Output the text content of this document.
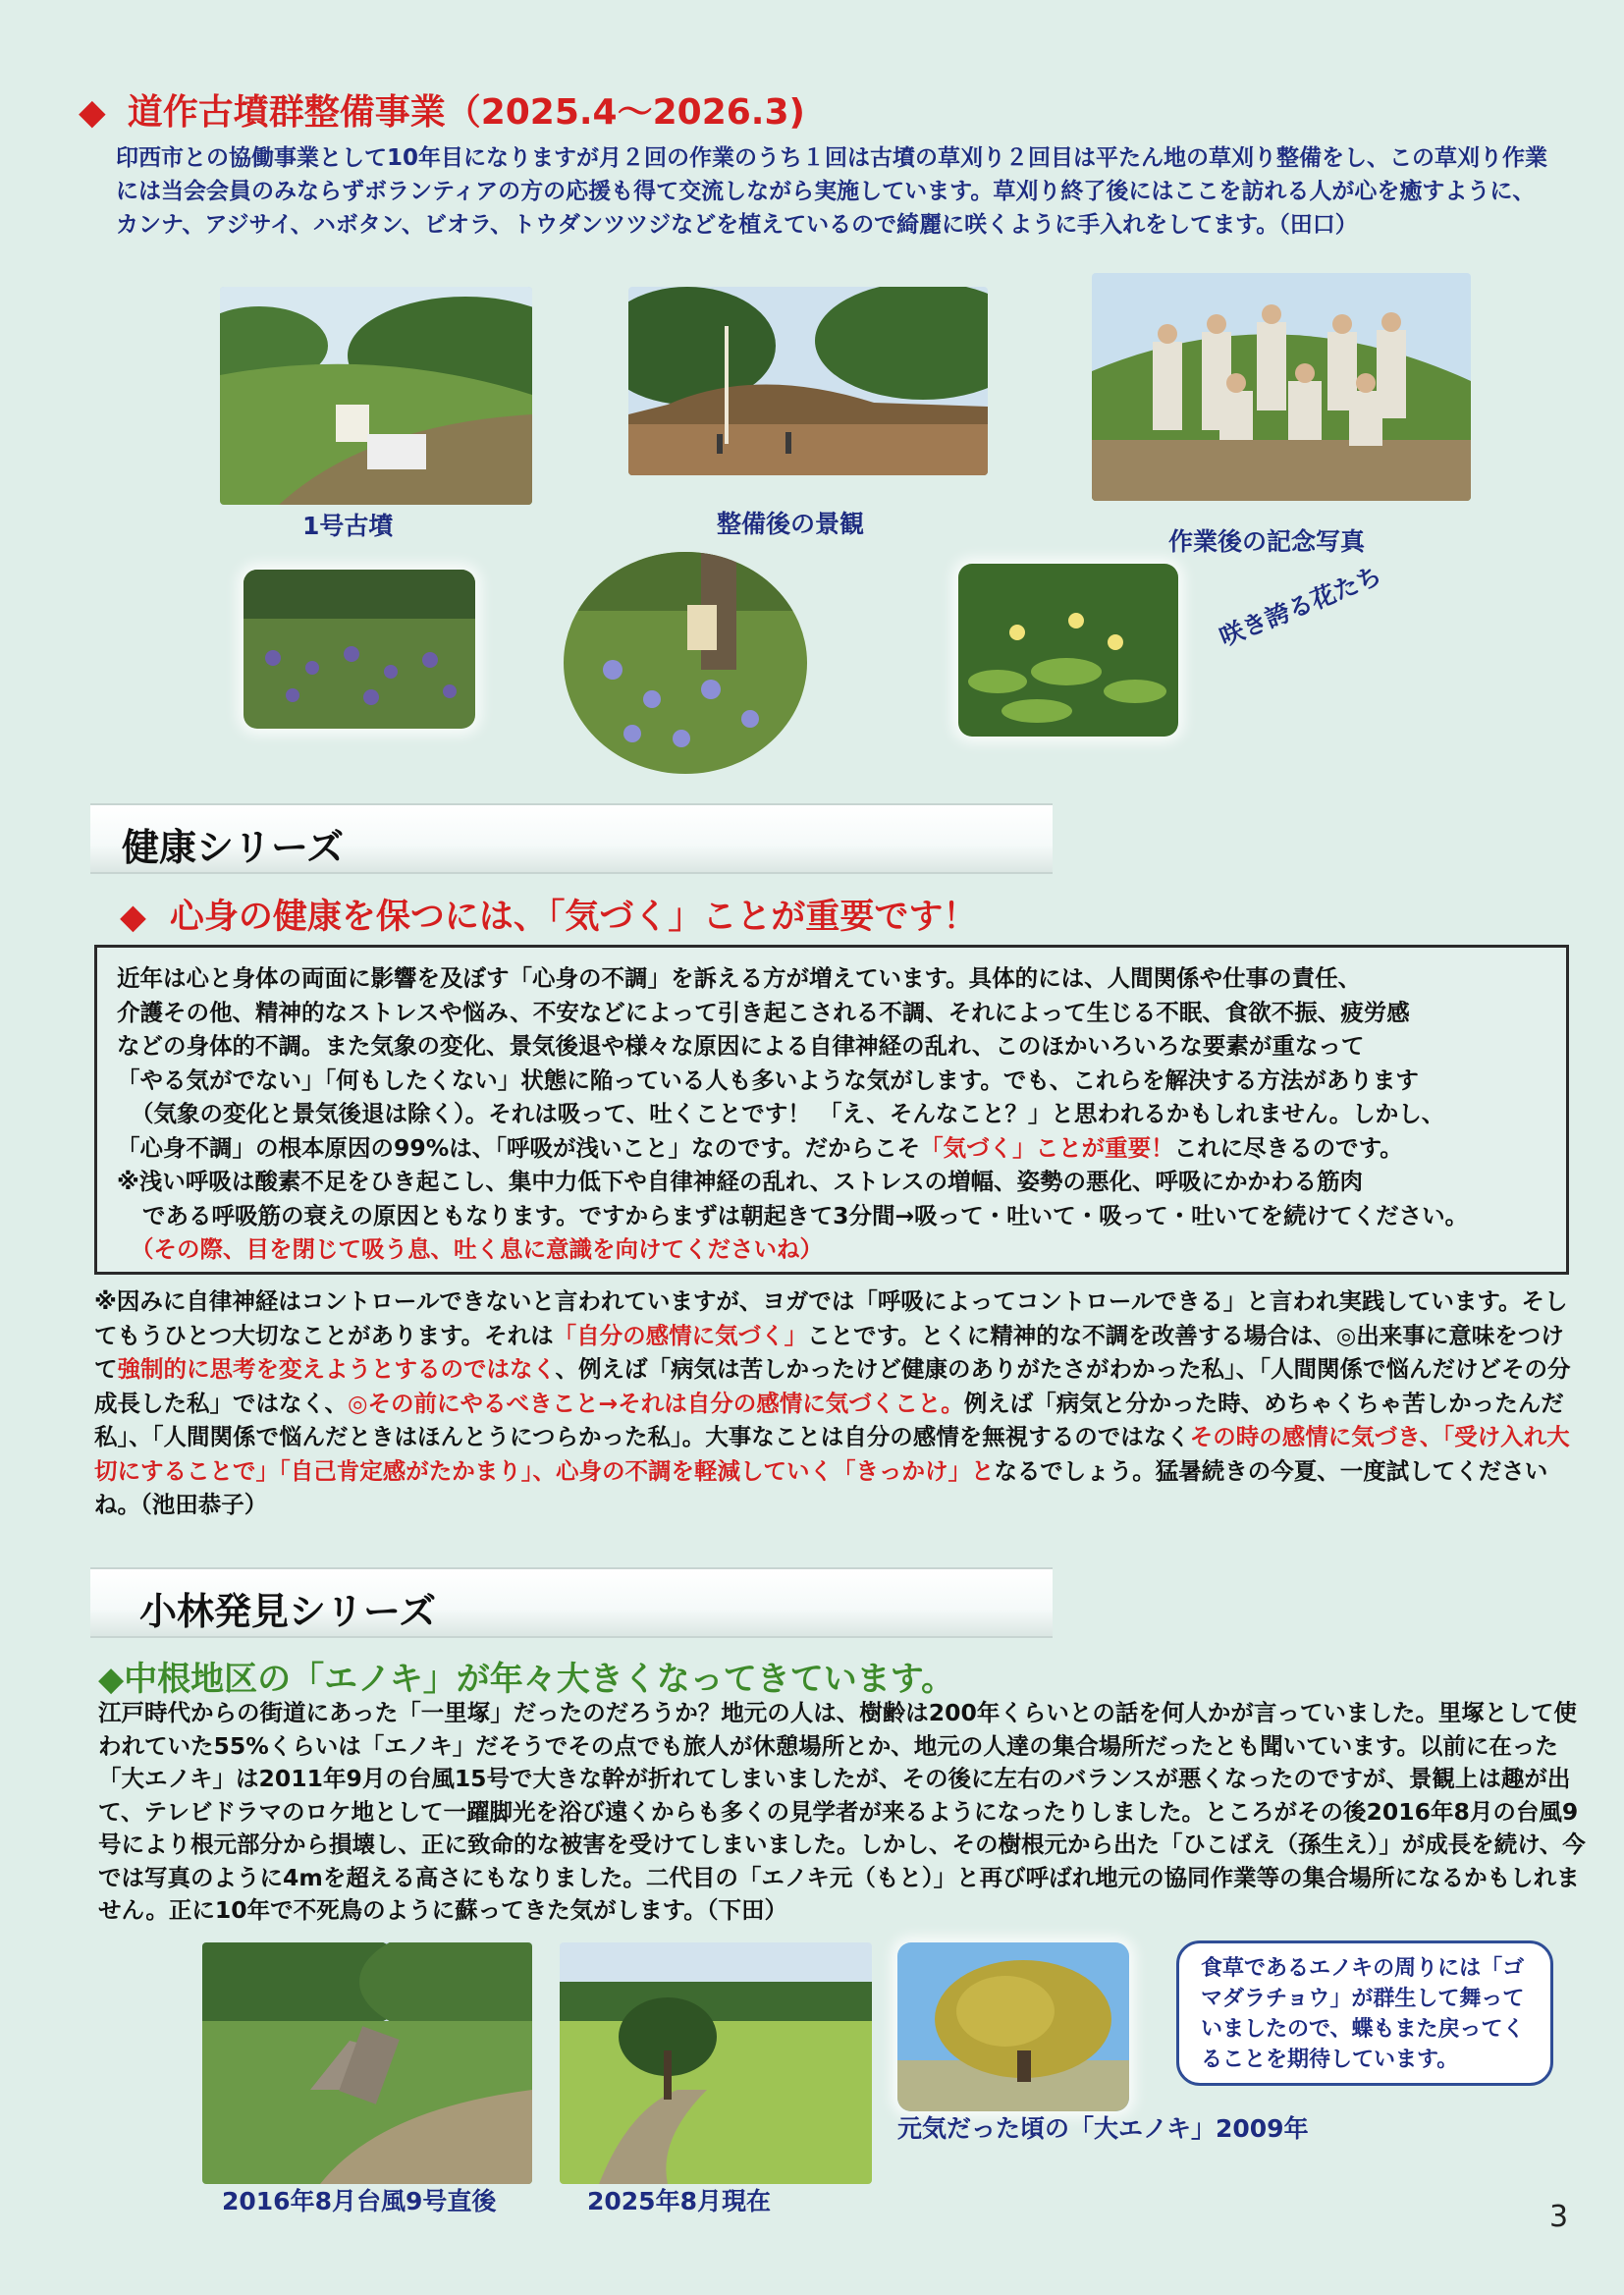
◆ 道作古墳群整備事業（2025.4～2026.3)
印西市との協働事業として10年目になりますが月２回の作業のうち１回は古墳の草刈り２回目は平たん地の草刈り整備をし、この草刈り作業には当会会員のみならずボランティアの方の応援も得て交流しながら実施しています。草刈り終了後にはここを訪れる人が心を癒すように、カンナ、アジサイ、ハボタン、ビオラ、トウダンツツジなどを植えているので綺麗に咲くように手入れをしてます。（田口）
1号古墳	整備後の景観
作業後の記念写真
咲き誇る花たち
健康シリーズ
◆ 心身の健康を保つには、「気づく」ことが重要です！
近年は心と身体の両面に影響を及ぼす「心身の不調」を訴える方が増えています。具体的には、人間関係や仕事の責任、
介護その他、精神的なストレスや悩み、不安などによって引き起こされる不調、それによって生じる不眠、食欲不振、疲労感
などの身体的不調。また気象の変化、景気後退や様々な原因による自律神経の乱れ、このほかいろいろな要素が重なって
「やる気がでない」「何もしたくない」状態に陥っている人も多いような気がします。でも、これらを解決する方法があります
（気象の変化と景気後退は除く）。それは吸って、吐くことです！ 「え、そんなこと？」と思われるかもしれません。しかし、
「心身不調」の根本原因の99%は、「呼吸が浅いこと」なのです。だからこそ「気づく」ことが重要！これに尽きるのです。
※浅い呼吸は酸素不足をひき起こし、集中力低下や自律神経の乱れ、ストレスの増幅、姿勢の悪化、呼吸にかかわる筋肉
である呼吸筋の衰えの原因ともなります。ですからまずは朝起きて3分間→吸って・吐いて・吸って・吐いてを続けてください。
（その際、目を閉じて吸う息、吐く息に意識を向けてくださいね）
※因みに自律神経はコントロールできないと言われていますが、ヨガでは「呼吸によってコントロールできる」と言われ実践しています。そしてもうひとつ大切なことがあります。それは「自分の感情に気づく」ことです。とくに精神的な不調を改善する場合は、◎出来事に意味をつけて強制的に思考を変えようとするのではなく、例えば「病気は苦しかったけど健康のありがたさがわかった私」、「人間関係で悩んだけどその分成長した私」ではなく、◎その前にやるべきこと→それは自分の感情に気づくこと。例えば「病気と分かった時、めちゃくちゃ苦しかったんだ私」、「人間関係で悩んだときはほんとうにつらかった私」。大事なことは自分の感情を無視するのではなくその時の感情に気づき、「受け入れ大切にすることで」「自己肯定感がたかまり」、心身の不調を軽減していく「きっかけ」となるでしょう。猛暑続きの今夏、一度試してくださいね。（池田恭子）
小林発見シリーズ
◆中根地区の「エノキ」が年々大きくなってきています。
江戸時代からの街道にあった「一里塚」だったのだろうか？地元の人は、樹齢は200年くらいとの話を何人かが言っていました。里塚として使われていた55%くらいは「エノキ」だそうでその点でも旅人が休憩場所とか、地元の人達の集合場所だったとも聞いています。以前に在った「大エノキ」は2011年9月の台風15号で大きな幹が折れてしまいましたが、その後に左右のバランスが悪くなったのですが、景観上は趣が出て、テレビドラマのロケ地として一躍脚光を浴び遠くからも多くの見学者が来るようになったりしました。ところがその後2016年8月の台風9号により根元部分から損壊し、正に致命的な被害を受けてしまいました。しかし、その樹根元から出た「ひこばえ（孫生え）」が成長を続け、今では写真のように4mを超える高さにもなりました。二代目の「エノキ元（もと）」と再び呼ばれ地元の協同作業等の集合場所になるかもしれません。正に10年で不死鳥のように蘇ってきた気がします。（下田）
2016年8月台風9号直後	2025年8月現在
元気だった頃の「大エノキ」2009年
食草であるエノキの周りには「ゴマダラチョウ」が群生して舞っていましたので、蝶もまた戻ってくることを期待しています。
3
